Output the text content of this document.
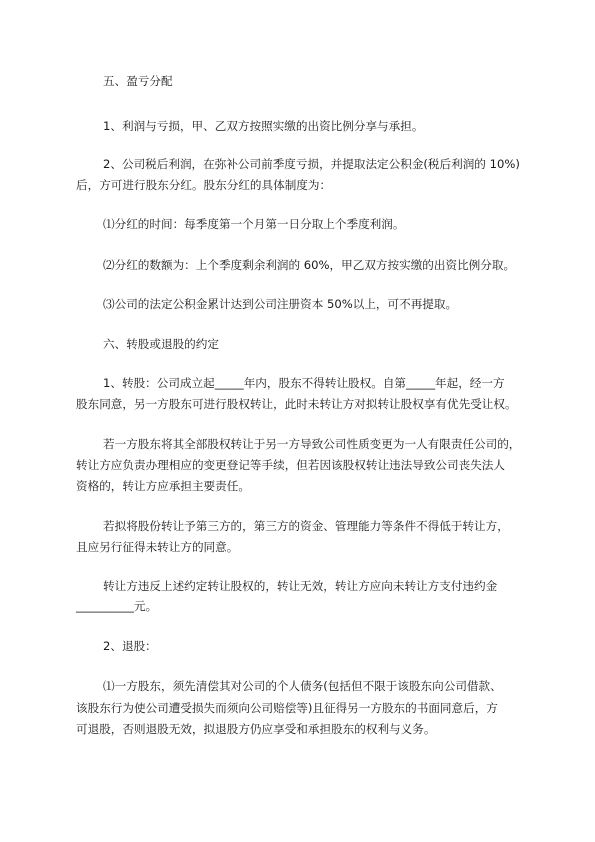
五、盈亏分配
1、利润与亏损，甲、乙双方按照实缴的出资比例分享与承担。
2、公司税后利润，在弥补公司前季度亏损，并提取法定公积金(税后利润的 10%)
后，方可进行股东分红。股东分红的具体制度为：
⑴分红的时间：每季度第一个月第一日分取上个季度利润。
⑵分红的数额为：上个季度剩余利润的 60%，甲乙双方按实缴的出资比例分取。
⑶公司的法定公积金累计达到公司注册资本 50%以上，可不再提取。
六、转股或退股的约定
1、转股：公司成立起_____年内，股东不得转让股权。自第_____年起，经一方
股东同意，另一方股东可进行股权转让，此时未转让方对拟转让股权享有优先受让权。
若一方股东将其全部股权转让于另一方导致公司性质变更为一人有限责任公司的，
转让方应负责办理相应的变更登记等手续，但若因该股权转让违法导致公司丧失法人
资格的，转让方应承担主要责任。
若拟将股份转让予第三方的，第三方的资金、管理能力等条件不得低于转让方，
且应另行征得未转让方的同意。
转让方违反上述约定转让股权的，转让无效，转让方应向未转让方支付违约金
__________元。
2、退股：
⑴一方股东，须先清偿其对公司的个人债务(包括但不限于该股东向公司借款、
该股东行为使公司遭受损失而须向公司赔偿等)且征得另一方股东的书面同意后，方
可退股，否则退股无效，拟退股方仍应享受和承担股东的权利与义务。
